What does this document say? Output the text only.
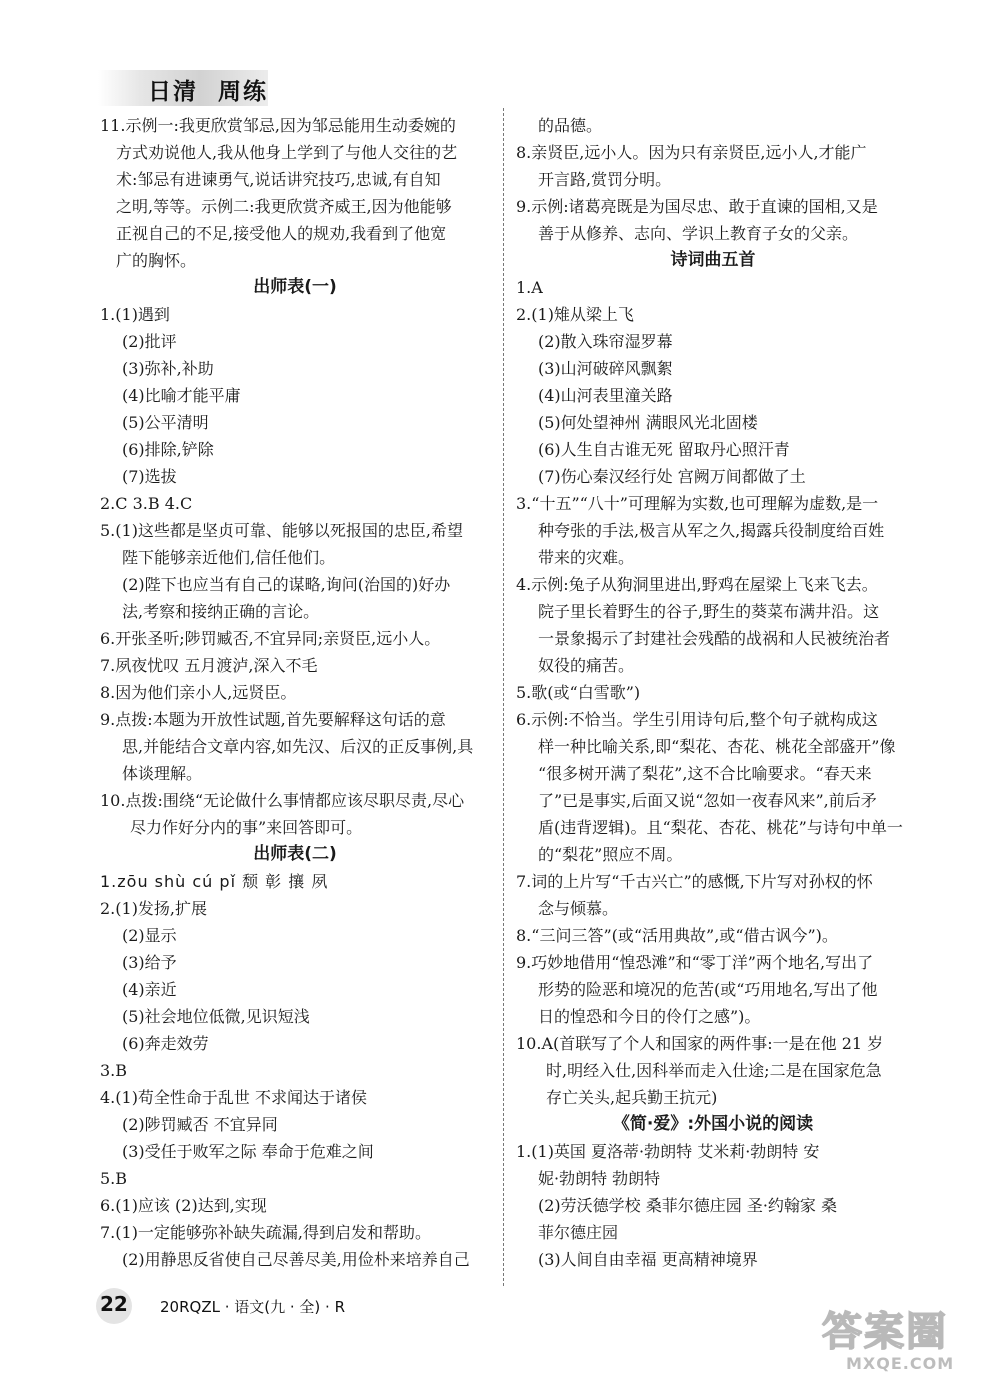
日清  周练
11.示例一:我更欣赏邹忌,因为邹忌能用生动委婉的
方式劝说他人,我从他身上学到了与他人交往的艺
术:邹忌有进谏勇气,说话讲究技巧,忠诚,有自知
之明,等等。示例二:我更欣赏齐威王,因为他能够
正视自己的不足,接受他人的规劝,我看到了他宽
广的胸怀。
出师表(一)
1.(1)遇到
(2)批评
(3)弥补,补助
(4)比喻才能平庸
(5)公平清明
(6)排除,铲除
(7)选拔
2.C 3.B 4.C
5.(1)这些都是坚贞可靠、能够以死报国的忠臣,希望
陛下能够亲近他们,信任他们。
(2)陛下也应当有自己的谋略,询问(治国的)好办
法,考察和接纳正确的言论。
6.开张圣听;陟罚臧否,不宜异同;亲贤臣,远小人。
7.夙夜忧叹 五月渡泸,深入不毛
8.因为他们亲小人,远贤臣。
9.点拨:本题为开放性试题,首先要解释这句话的意
思,并能结合文章内容,如先汉、后汉的正反事例,具
体谈理解。
10.点拨:围绕“无论做什么事情都应该尽职尽责,尽心
尽力作好分内的事”来回答即可。
出师表(二)
1.zōu shù cú pǐ 颓 彰 攘 夙
2.(1)发扬,扩展
(2)显示
(3)给予
(4)亲近
(5)社会地位低微,见识短浅
(6)奔走效劳
3.B
4.(1)苟全性命于乱世 不求闻达于诸侯
(2)陟罚臧否 不宜异同
(3)受任于败军之际 奉命于危难之间
5.B
6.(1)应该 (2)达到,实现
7.(1)一定能够弥补缺失疏漏,得到启发和帮助。
(2)用静思反省使自己尽善尽美,用俭朴来培养自己
的品德。
8.亲贤臣,远小人。因为只有亲贤臣,远小人,才能广
开言路,赏罚分明。
9.示例:诸葛亮既是为国尽忠、敢于直谏的国相,又是
善于从修养、志向、学识上教育子女的父亲。
诗词曲五首
1.A
2.(1)雉从梁上飞
(2)散入珠帘湿罗幕
(3)山河破碎风飘絮
(4)山河表里潼关路
(5)何处望神州 满眼风光北固楼
(6)人生自古谁无死 留取丹心照汗青
(7)伤心秦汉经行处 宫阙万间都做了土
3.“十五”“八十”可理解为实数,也可理解为虚数,是一
种夸张的手法,极言从军之久,揭露兵役制度给百姓
带来的灾难。
4.示例:兔子从狗洞里进出,野鸡在屋梁上飞来飞去。
院子里长着野生的谷子,野生的葵菜布满井沿。这
一景象揭示了封建社会残酷的战祸和人民被统治者
奴役的痛苦。
5.歌(或“白雪歌”)
6.示例:不恰当。学生引用诗句后,整个句子就构成这
样一种比喻关系,即“梨花、杏花、桃花全部盛开”像
“很多树开满了梨花”,这不合比喻要求。“春天来
了”已是事实,后面又说“忽如一夜春风来”,前后矛
盾(违背逻辑)。且“梨花、杏花、桃花”与诗句中单一
的“梨花”照应不周。
7.词的上片写“千古兴亡”的感慨,下片写对孙权的怀
念与倾慕。
8.“三问三答”(或“活用典故”,或“借古讽今”)。
9.巧妙地借用“惶恐滩”和“零丁洋”两个地名,写出了
形势的险恶和境况的危苦(或“巧用地名,写出了他
日的惶恐和今日的伶仃之感”)。
10.A(首联写了个人和国家的两件事:一是在他 21 岁
时,明经入仕,因科举而走入仕途;二是在国家危急
存亡关头,起兵勤王抗元)
《简·爱》:外国小说的阅读
1.(1)英国 夏洛蒂·勃朗特 艾米莉·勃朗特 安
妮·勃朗特 勃朗特
(2)劳沃德学校 桑菲尔德庄园 圣·约翰家 桑
菲尔德庄园
(3)人间自由幸福 更高精神境界
22 20RQZL · 语文(九 · 全) · R
答案圈
MXQE.COM
